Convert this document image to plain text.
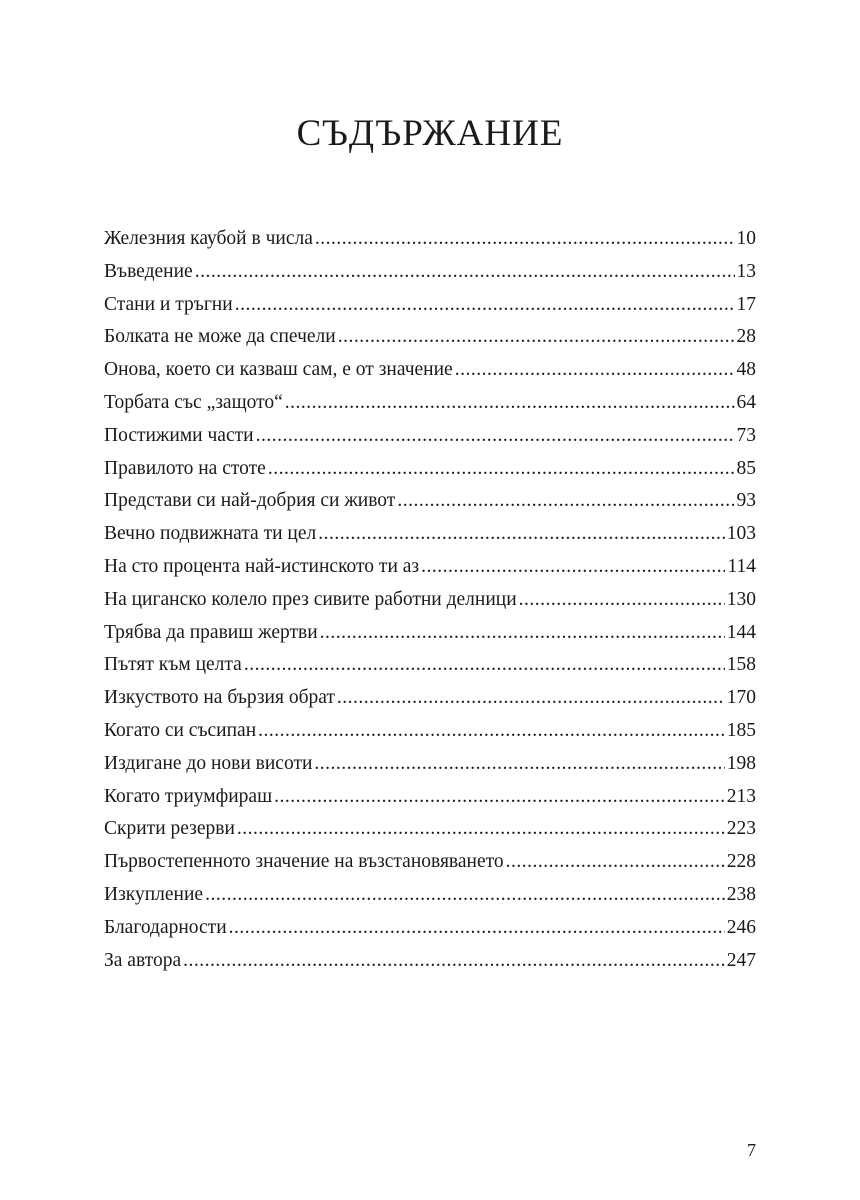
СЪДЪРЖАНИЕ
Железния каубой в числа .....	10
Въведение .....	13
Стани и тръгни .....	17
Болката не може да спечели .....	28
Онова, което си казваш сам, е от значение .....	48
Торбата със „защото“ .....	64
Постижими части .....	73
Правилото на стоте .....	85
Представи си най-добрия си живот .....	93
Вечно подвижната ти цел .....	103
На сто процента най-истинското ти аз .....	114
На циганско колело през сивите работни делници .....	130
Трябва да правиш жертви .....	144
Пътят към целта .....	158
Изкуството на бързия обрат .....	170
Когато си съсипан .....	185
Издигане до нови висоти .....	198
Когато триумфираш .....	213
Скрити резерви .....	223
Първостепенното значение на възстановяването .....	228
Изкупление .....	238
Благодарности .....	246
За автора .....	247
7
